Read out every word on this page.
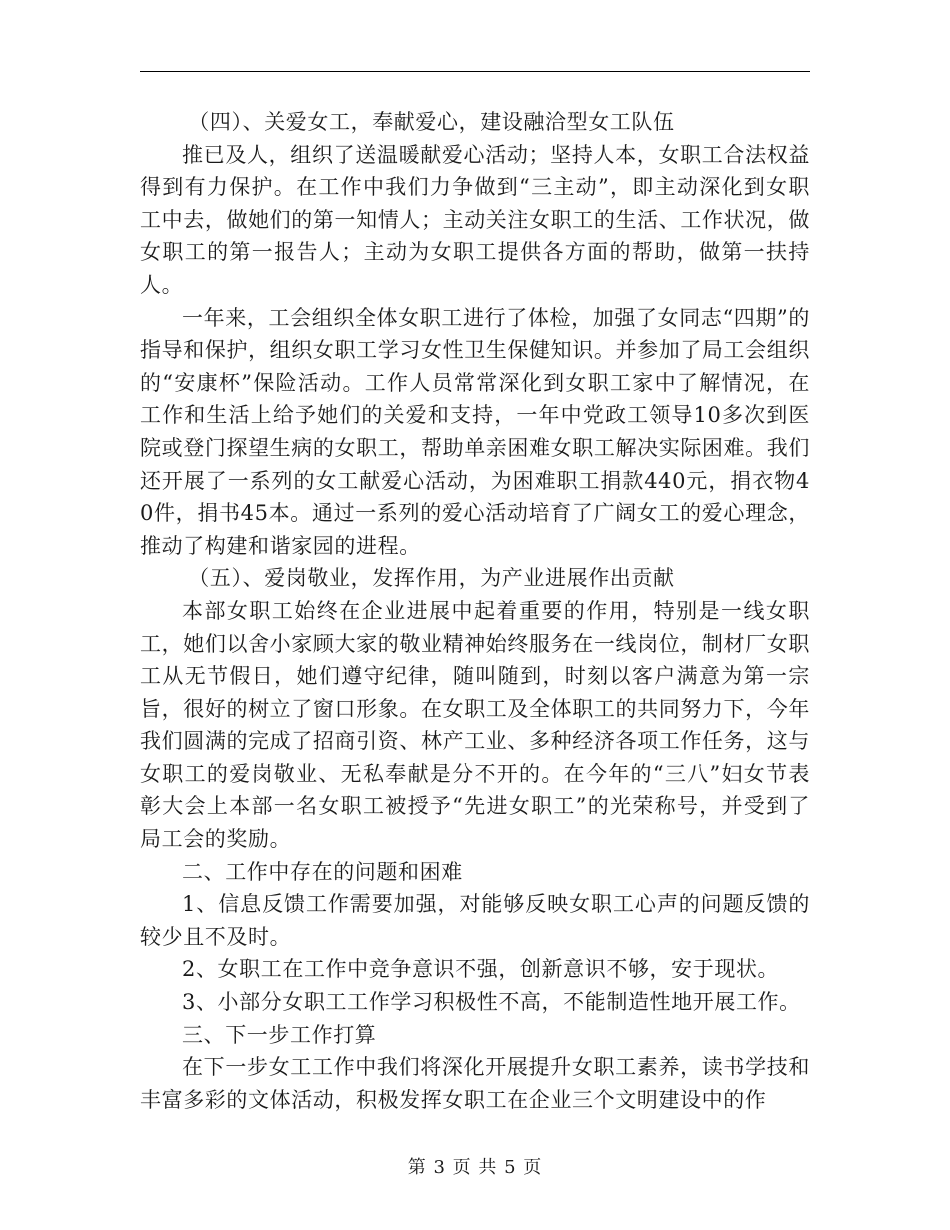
（四）、关爱女工，奉献爱心，建设融洽型女工队伍

推已及人，组织了送温暖献爱心活动；坚持人本，女职工合法权益得到有力保护。在工作中我们力争做到“三主动”，即主动深化到女职工中去，做她们的第一知情人；主动关注女职工的生活、工作状况，做女职工的第一报告人；主动为女职工提供各方面的帮助，做第一扶持人。

一年来，工会组织全体女职工进行了体检，加强了女同志“四期”的指导和保护，组织女职工学习女性卫生保健知识。并参加了局工会组织的“安康杯”保险活动。工作人员常常深化到女职工家中了解情况，在工作和生活上给予她们的关爱和支持，一年中党政工领导10多次到医院或登门探望生病的女职工，帮助单亲困难女职工解决实际困难。我们还开展了一系列的女工献爱心活动，为困难职工捐款440元，捐衣物40件，捐书45本。通过一系列的爱心活动培育了广阔女工的爱心理念，推动了构建和谐家园的进程。

（五）、爱岗敬业，发挥作用，为产业进展作出贡献

本部女职工始终在企业进展中起着重要的作用，特别是一线女职工，她们以舍小家顾大家的敬业精神始终服务在一线岗位，制材厂女职工从无节假日，她们遵守纪律，随叫随到，时刻以客户满意为第一宗旨，很好的树立了窗口形象。在女职工及全体职工的共同努力下，今年我们圆满的完成了招商引资、林产工业、多种经济各项工作任务，这与女职工的爱岗敬业、无私奉献是分不开的。在今年的“三八”妇女节表彰大会上本部一名女职工被授予“先进女职工”的光荣称号，并受到了局工会的奖励。

二、工作中存在的问题和困难

1、信息反馈工作需要加强，对能够反映女职工心声的问题反馈的较少且不及时。

2、女职工在工作中竞争意识不强，创新意识不够，安于现状。

3、小部分女职工工作学习积极性不高，不能制造性地开展工作。

三、下一步工作打算

在下一步女工工作中我们将深化开展提升女职工素养，读书学技和丰富多彩的文体活动，积极发挥女职工在企业三个文明建设中的作

第 3 页 共 5 页
